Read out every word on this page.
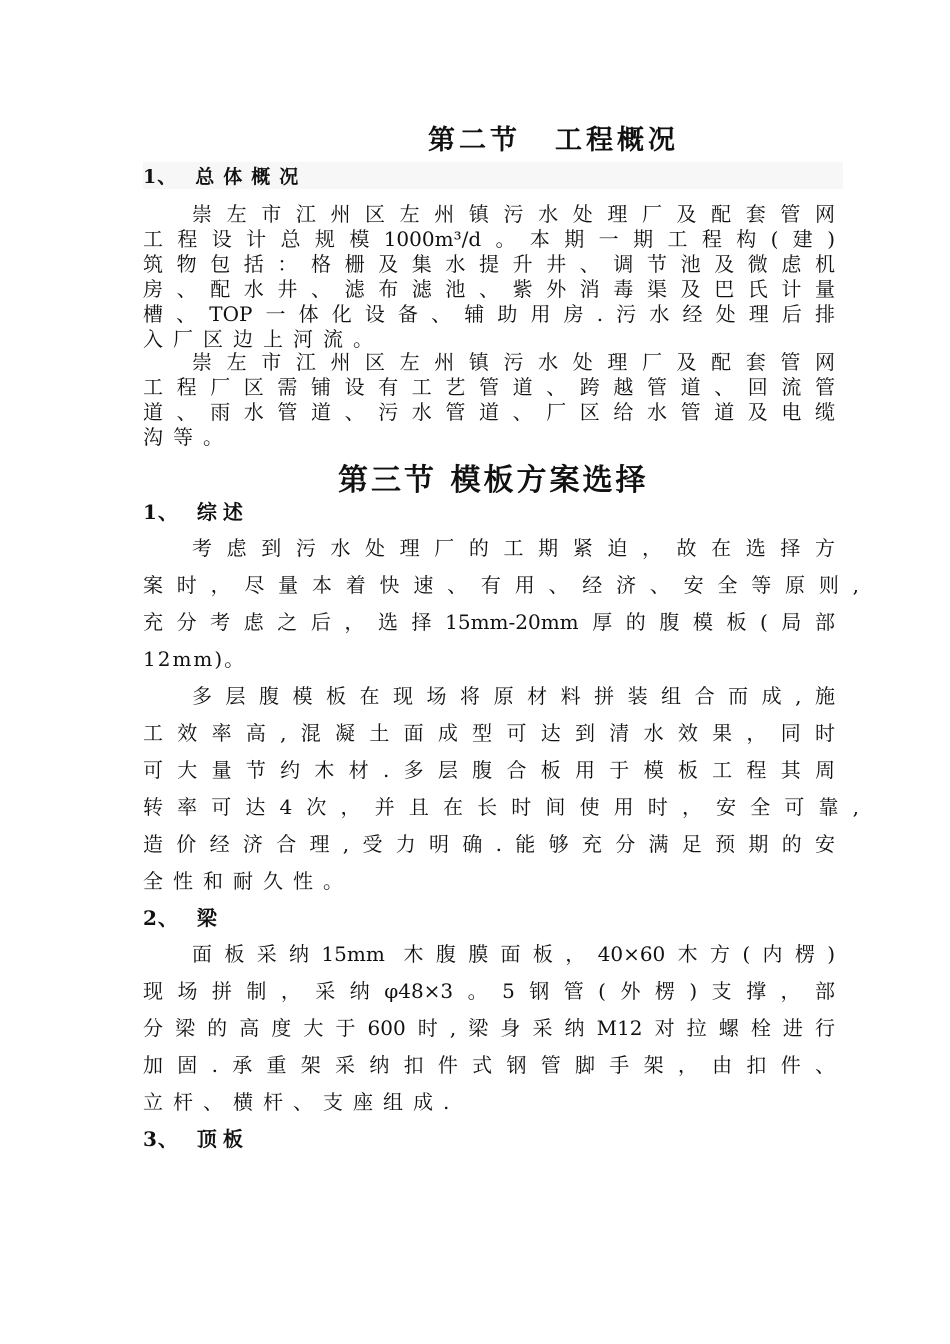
第二节 工程概况
1、 总体概况
崇左市江州区左州镇污水处理厂及配套管网
工程设计总规模1000m³/d。本期一期工程构(建)
筑物包括：格栅及集水提升井、调节池及微虑机
房、配水井、滤布滤池、紫外消毒渠及巴氏计量
槽、TOP一体化设备、辅助用房.污水经处理后排
入厂区边上河流。
崇左市江州区左州镇污水处理厂及配套管网
工程厂区需铺设有工艺管道、跨越管道、回流管
道、雨水管道、污水管道、厂区给水管道及电缆
沟等。
第三节 模板方案选择
1、 综述
考虑到污水处理厂的工期紧迫，故在选择方
案时，尽量本着快速、有用、经济、安全等原则,
充分考虑之后，选择15mm-20mm厚的腹模板(局部
12mm)。
多层腹模板在现场将原材料拼装组合而成,施
工效率高,混凝土面成型可达到清水效果，同时
可大量节约木材.多层腹合板用于模板工程其周
转率可达4次，并且在长时间使用时，安全可靠,
造价经济合理,受力明确.能够充分满足预期的安
全性和耐久性。
2、 梁
面板采纳15mm 木腹膜面板，40×60木方(内楞)
现场拼制，采纳φ48×3。5钢管(外楞)支撑，部
分梁的高度大于600时,梁身采纳M12对拉螺栓进行
加固.承重架采纳扣件式钢管脚手架，由扣件、
立杆、横杆、支座组成.
3、 顶板
